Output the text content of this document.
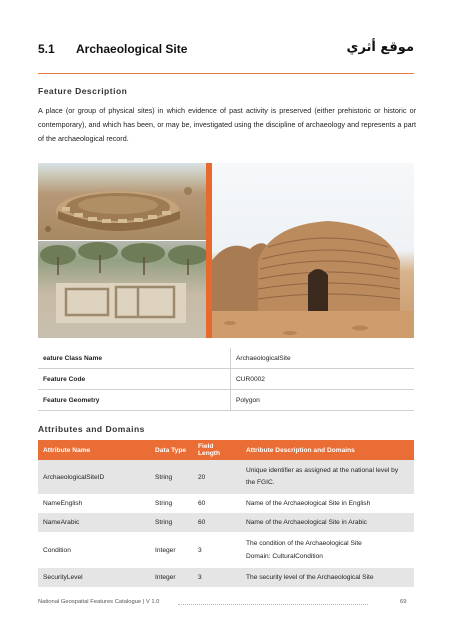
5.1 Archaeological Site	موقع أثري
Feature Description
A place (or group of physical sites) in which evidence of past activity is preserved (either prehistoric or historic or contemporary), and which has been, or may be, investigated using the discipline of archaeology and represents a part of the archaeological record.
eature Class Name	ArchaeologicalSite
Feature Code	CUR0002
Feature Geometry	Polygon
Attributes and Domains
Attribute Name	Data Type	Field Length	Attribute Description and Domains
ArchaeologicalSiteID	String	20	Unique identifier as assigned at the national level by the FGIC.
NameEnglish	String	60	Name of the Archaeological Site in English
NameArabic	String	60	Name of the Archaeological Site in Arabic
Condition	Integer	3	The condition of the Archaeological Site
Domain: CulturalCondition
SecurityLevel	Integer	3	The security level of the Archaeological Site
National Geospatial Features Catalogue | V 1.0	69
